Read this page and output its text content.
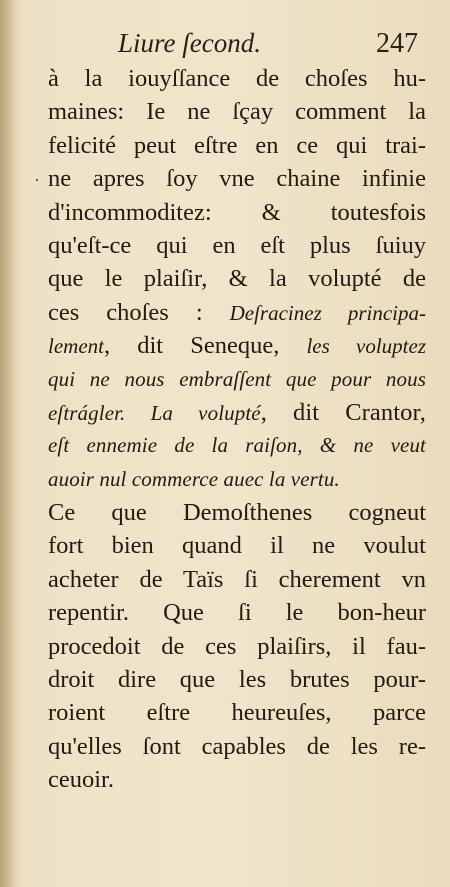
Liure ſecond.	247
·
à la iouyſſance de choſes hu-
maines: Ie ne ſçay comment la
felicité peut eſtre en ce qui trai-
ne apres ſoy vne chaine infinie
d'incommoditez: & toutesfois
qu'eſt-ce qui en eſt plus ſuiuy
que le plaiſir, & la volupté de
ces choſes : Deſracinez principa-
lement, dit Seneque, les voluptez
qui ne nous embraſſent que pour nous
eſtrágler. La volupté, dit Crantor,
eſt ennemie de la raiſon, & ne veut
auoir nul commerce auec la vertu.
Ce que Demoſthenes cogneut
fort bien quand il ne voulut
acheter de Taïs ſi cherement vn
repentir. Que ſi le bon-heur
procedoit de ces plaiſirs, il fau-
droit dire que les brutes pour-
roient eſtre heureuſes, parce
qu'elles ſont capables de les re-
ceuoir.
